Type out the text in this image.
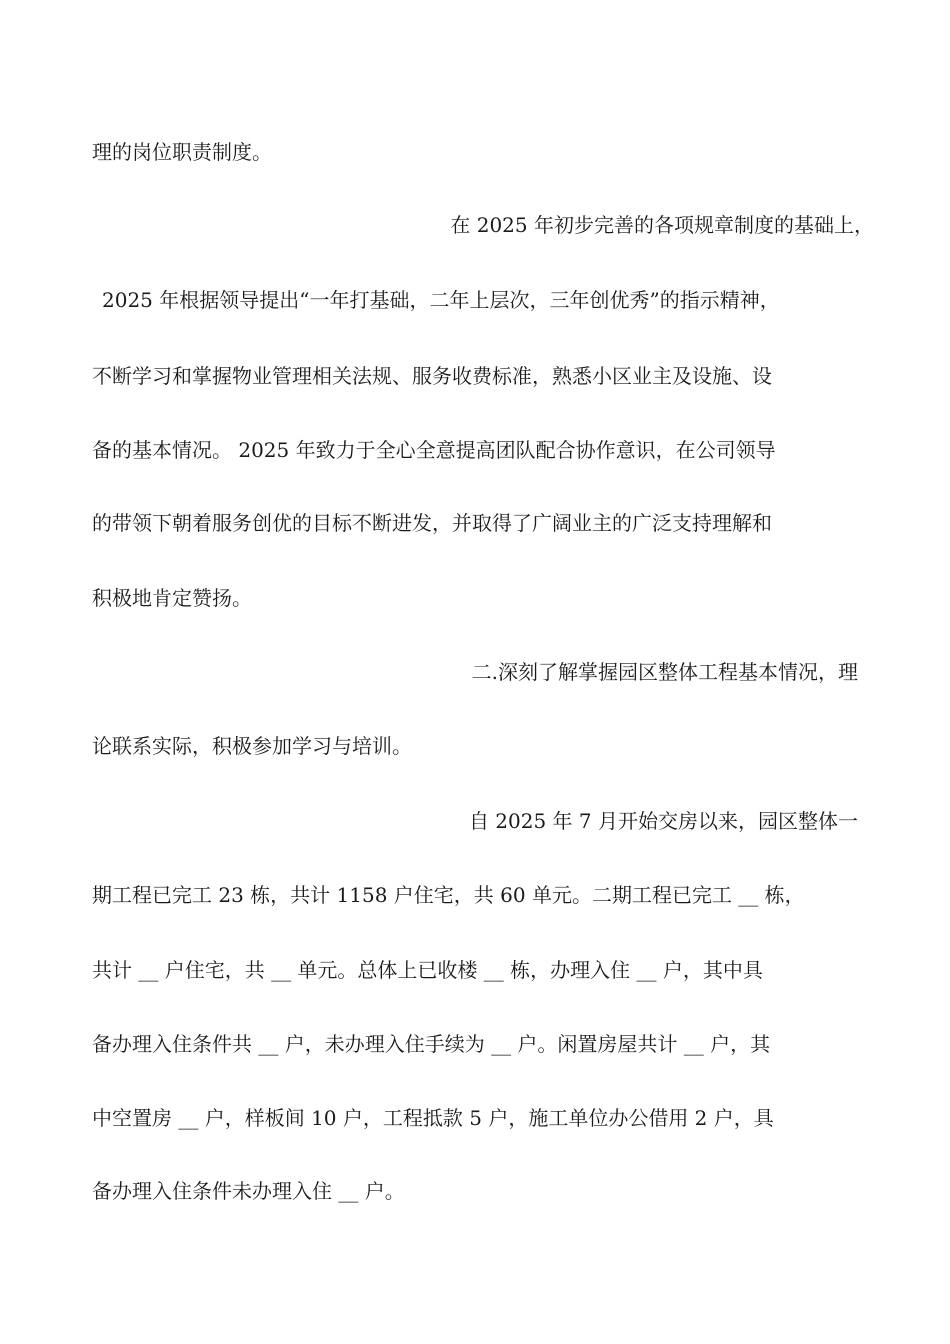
理的岗位职责制度。
在 2025 年初步完善的各项规章制度的基础上，
2025 年根据领导提出“一年打基础，二年上层次，三年创优秀”的指示精神，
不断学习和掌握物业管理相关法规、服务收费标准，熟悉小区业主及设施、设
备的基本情况。 2025 年致力于全心全意提高团队配合协作意识，在公司领导
的带领下朝着服务创优的目标不断进发，并取得了广阔业主的广泛支持理解和
积极地肯定赞扬。
二.深刻了解掌握园区整体工程基本情况，理
论联系实际，积极参加学习与培训。
自 2025 年 7 月开始交房以来，园区整体一
期工程已完工 23 栋，共计 1158 户住宅，共 60 单元。二期工程已完工 __ 栋，
共计 __ 户住宅，共 __ 单元。总体上已收楼 __ 栋，办理入住 __ 户，其中具
备办理入住条件共 __ 户，未办理入住手续为 __ 户。闲置房屋共计 __ 户，其
中空置房 __ 户，样板间 10 户，工程抵款 5 户，施工单位办公借用 2 户，具
备办理入住条件未办理入住 __ 户。
